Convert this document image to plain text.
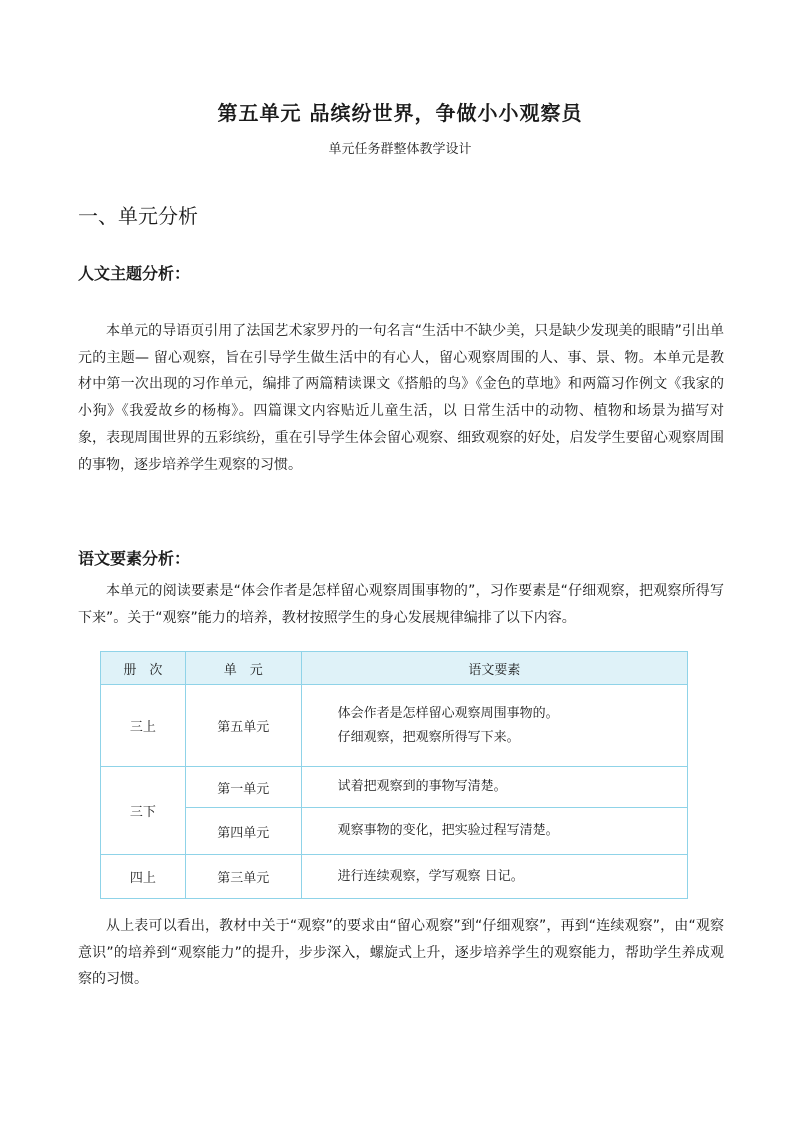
第五单元 品缤纷世界，争做小小观察员
单元任务群整体教学设计
一、单元分析
人文主题分析：

本单元的导语页引用了法国艺术家罗丹的一句名言“生活中不缺少美，只是缺少发现美的眼睛”引出单元的主题— 留心观察，旨在引导学生做生活中的有心人，留心观察周围的人、事、景、物。本单元是教材中第一次出现的习作单元，编排了两篇精读课文《搭船的鸟》《金色的草地》和两篇习作例文《我家的小狗》《我爱故乡的杨梅》。四篇课文内容贴近儿童生活，以 日常生活中的动物、植物和场景为描写对象，表现周围世界的五彩缤纷，重在引导学生体会留心观察、细致观察的好处，启发学生要留心观察周围的事物，逐步培养学生观察的习惯。

语文要素分析：

本单元的阅读要素是“体会作者是怎样留心观察周围事物的”，习作要素是“仔细观察，把观察所得写下来”。关于“观察”能力的培养，教材按照学生的身心发展规律编排了以下内容。

册　次	单　元	语文要素
三上	第五单元	体会作者是怎样留心观察周围事物的。
仔细观察，把观察所得写下来。

三下	第一单元	试着把观察到的事物写清楚。

	第四单元	观察事物的变化，把实验过程写清楚。

四上	第三单元	进行连续观察，学写观察 日记。

从上表可以看出，教材中关于“观察”的要求由“留心观察”到“仔细观察”，再到“连续观察”，由“观察意识”的培养到“观察能力”的提升，步步深入，螺旋式上升，逐步培养学生的观察能力，帮助学生养成观察的习惯。
